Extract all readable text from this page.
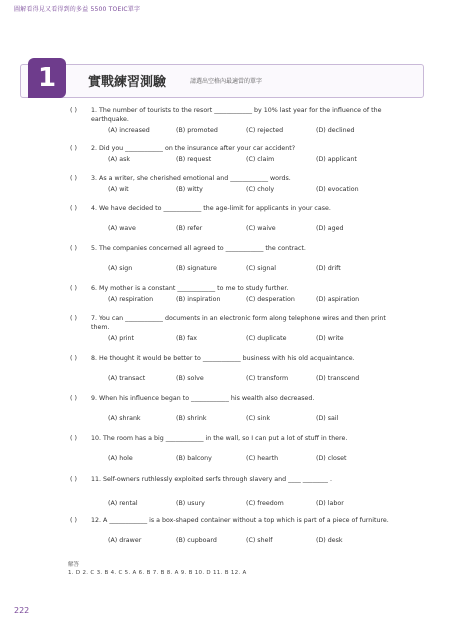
圖解看得見又看得到的多益 5500 TOEIC單字
1	實戰練習測驗	請選出空格內最適當的單字
( ) 1. The number of tourists to the resort ____________ by 10% last year for the influence of the earthquake.
(A) increased	(B) promoted	(C) rejected	(D) declined
( ) 2. Did you ____________ on the insurance after your car accident?
(A) ask	(B) request	(C) claim	(D) applicant
( ) 3. As a writer, she cherished emotional and ____________ words.
(A) wit	(B) witty	(C) choly	(D) evocation
( ) 4. We have decided to ____________ the age-limit for applicants in your case.
(A) wave	(B) refer	(C) waive	(D) aged
( ) 5. The companies concerned all agreed to ____________ the contract.
(A) sign	(B) signature	(C) signal	(D) drift
( ) 6. My mother is a constant ____________ to me to study further.
(A) respiration	(B) inspiration	(C) desperation	(D) aspiration
( ) 7. You can ____________ documents in an electronic form along telephone wires and then print them.
(A) print	(B) fax	(C) duplicate	(D) write
( ) 8. He thought it would be better to ____________ business with his old acquaintance.
(A) transact	(B) solve	(C) transform	(D) transcend
( ) 9. When his influence began to ____________ his wealth also decreased.
(A) shrank	(B) shrink	(C) sink	(D) sail
( ) 10. The room has a big ____________ in the wall, so I can put a lot of stuff in there.
(A) hole	(B) balcony	(C) hearth	(D) closet
( ) 11. Self-owners ruthlessly exploited serfs through slavery and ____ ________ .
(A) rental	(B) usury	(C) freedom	(D) labor
( ) 12. A ____________ is a box-shaped container without a top which is part of a piece of furniture.
(A) drawer	(B) cupboard	(C) shelf	(D) desk
解答
1. D 2. C 3. B 4. C 5. A 6. B 7. B 8. A 9. B 10. D 11. B 12. A
222
